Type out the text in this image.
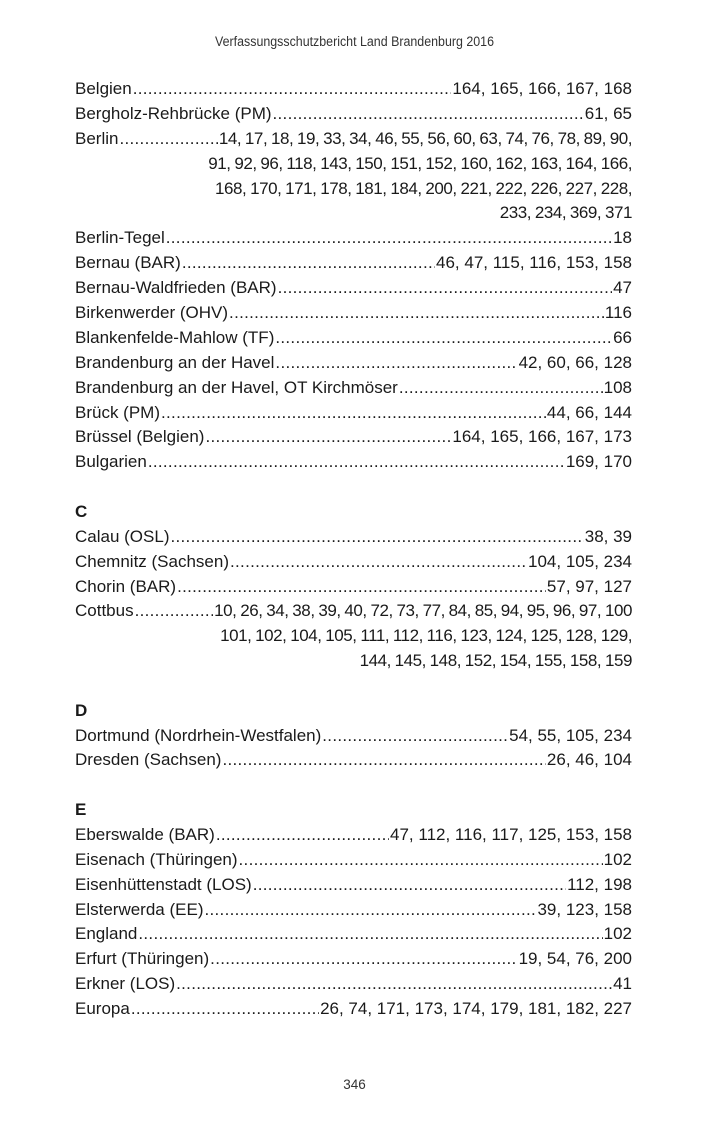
Verfassungsschutzbericht Land Brandenburg 2016
Belgien .....	164, 165, 166, 167, 168
Bergholz-Rehbrücke (PM) .....	61, 65
Berlin .....	14, 17, 18, 19, 33, 34, 46, 55, 56, 60, 63, 74, 76, 78, 89, 90,
91, 92, 96, 118, 143, 150, 151, 152, 160, 162, 163, 164, 166,
168, 170, 171, 178, 181, 184, 200, 221, 222, 226, 227, 228,
233, 234, 369, 371
Berlin-Tegel .....	18
Bernau (BAR) .....	46, 47, 115, 116, 153, 158
Bernau-Waldfrieden (BAR) .....	47
Birkenwerder (OHV) .....	116
Blankenfelde-Mahlow (TF) .....	66
Brandenburg an der Havel .....	42, 60, 66, 128
Brandenburg an der Havel, OT Kirchmöser .....	108
Brück (PM) .....	44, 66, 144
Brüssel (Belgien) .....	164, 165, 166, 167, 173
Bulgarien .....	169, 170
C
Calau (OSL) .....	38, 39
Chemnitz (Sachsen) .....	104, 105, 234
Chorin (BAR) .....	57, 97, 127
Cottbus .....	10, 26, 34, 38, 39, 40, 72, 73, 77, 84, 85, 94, 95, 96, 97, 100
101, 102, 104, 105, 111, 112, 116, 123, 124, 125, 128, 129,
144, 145, 148, 152, 154, 155, 158, 159
D
Dortmund (Nordrhein-Westfalen) .....	54, 55, 105, 234
Dresden (Sachsen) .....	26, 46, 104
E
Eberswalde (BAR) .....	47, 112, 116, 117, 125, 153, 158
Eisenach (Thüringen) .....	102
Eisenhüttenstadt (LOS) .....	112, 198
Elsterwerda (EE) .....	39, 123, 158
England .....	102
Erfurt (Thüringen) .....	19, 54, 76, 200
Erkner (LOS) .....	41
Europa .....	26, 74, 171, 173, 174, 179, 181, 182, 227
346
